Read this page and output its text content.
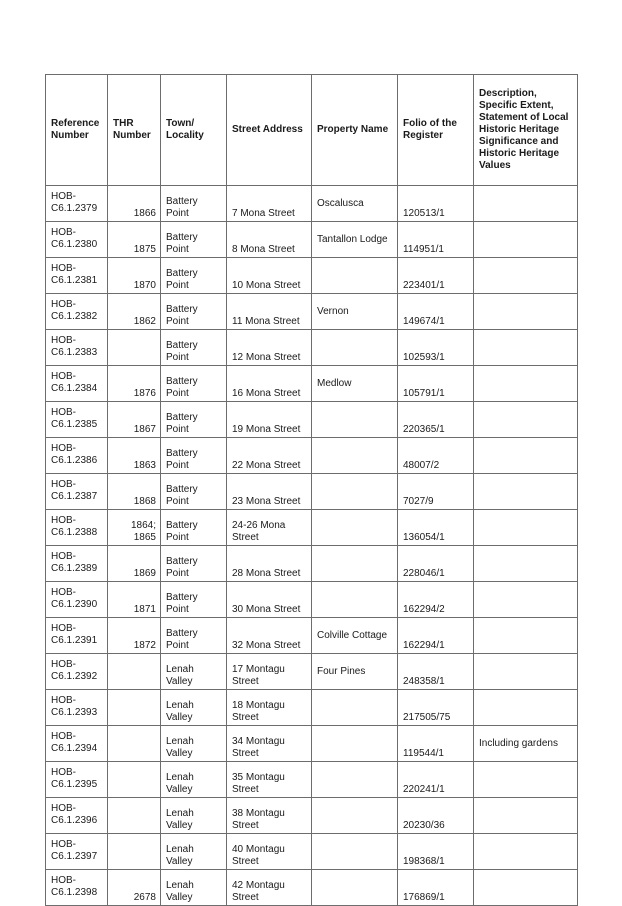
Reference Number	THR Number	Town/ Locality	Street Address	Property Name	Folio of the Register	Description, Specific Extent, Statement of Local Historic Heritage Significance and Historic Heritage Values
HOB-C6.1.2379	1866	Battery Point	7 Mona Street	Oscalusca	120513/1	
HOB-C6.1.2380	1875	Battery Point	8 Mona Street	Tantallon Lodge	114951/1	
HOB-C6.1.2381	1870	Battery Point	10 Mona Street		223401/1	
HOB-C6.1.2382	1862	Battery Point	11 Mona Street	Vernon	149674/1	
HOB-C6.1.2383		Battery Point	12 Mona Street		102593/1	
HOB-C6.1.2384	1876	Battery Point	16 Mona Street	Medlow	105791/1	
HOB-C6.1.2385	1867	Battery Point	19 Mona Street		220365/1	
HOB-C6.1.2386	1863	Battery Point	22 Mona Street		48007/2	
HOB-C6.1.2387	1868	Battery Point	23 Mona Street		7027/9	
HOB-C6.1.2388	1864; 1865	Battery Point	24-26 Mona Street		136054/1	
HOB-C6.1.2389	1869	Battery Point	28 Mona Street		228046/1	
HOB-C6.1.2390	1871	Battery Point	30 Mona Street		162294/2	
HOB-C6.1.2391	1872	Battery Point	32 Mona Street	Colville Cottage	162294/1	
HOB-C6.1.2392		Lenah Valley	17 Montagu Street	Four Pines	248358/1	
HOB-C6.1.2393		Lenah Valley	18 Montagu Street		217505/75	
HOB-C6.1.2394		Lenah Valley	34 Montagu Street		119544/1	Including gardens
HOB-C6.1.2395		Lenah Valley	35 Montagu Street		220241/1	
HOB-C6.1.2396		Lenah Valley	38 Montagu Street		20230/36	
HOB-C6.1.2397		Lenah Valley	40 Montagu Street		198368/1	
HOB-C6.1.2398	2678	Lenah Valley	42 Montagu Street		176869/1	
